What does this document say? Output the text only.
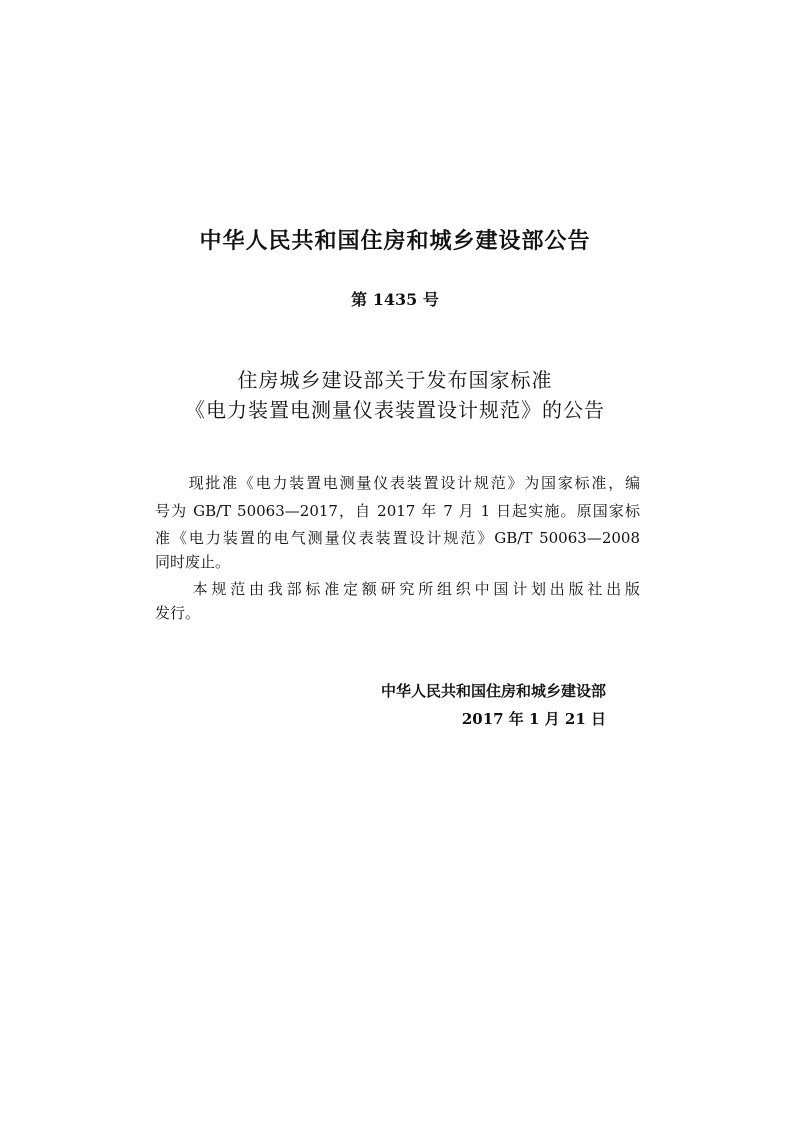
中华人民共和国住房和城乡建设部公告
第 1435 号
住房城乡建设部关于发布国家标准
《电力装置电测量仪表装置设计规范》的公告
　　现批准《电力装置电测量仪表装置设计规范》为国家标准，编
号为 GB/T 50063—2017，自 2017 年 7 月 1 日起实施。原国家标
准《电力装置的电气测量仪表装置设计规范》GB/T 50063—2008
同时废止。
　　本规范由我部标准定额研究所组织中国计划出版社出版
发行。
中华人民共和国住房和城乡建设部
2017 年 1 月 21 日
